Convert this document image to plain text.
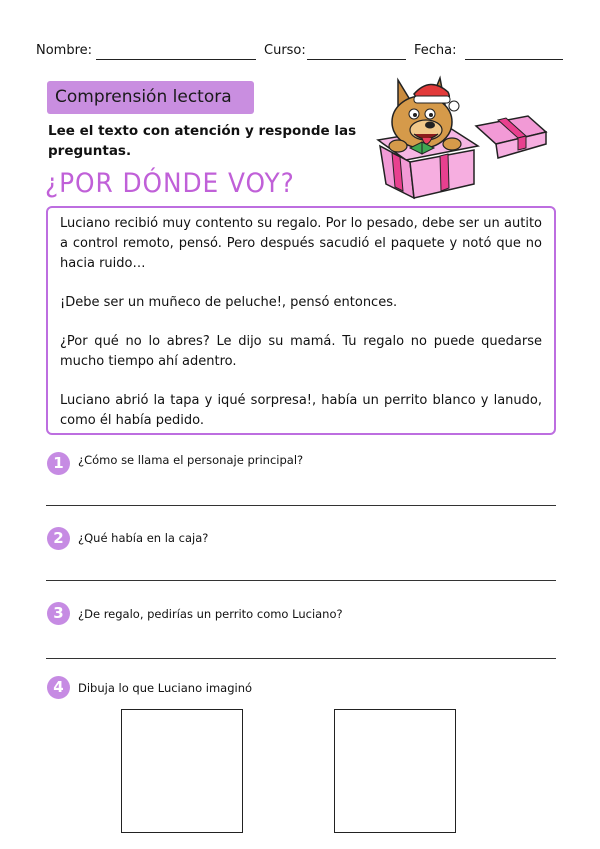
Nombre:	Curso:	Fecha:
Comprensión lectora
Lee el texto con atención y responde las preguntas.
¿POR DÓNDE VOY?

Luciano recibió muy contento su regalo. Por lo pesado, debe ser un autito a control remoto, pensó. Pero después sacudió el paquete y notó que no hacia ruido…

¡Debe ser un muñeco de peluche!, pensó entonces.

¿Por qué no lo abres? Le dijo su mamá. Tu regalo no puede quedarse mucho tiempo ahí adentro.

Luciano abrió la tapa y iqué sorpresa!, había un perrito blanco y lanudo, como él había pedido.

1	¿Cómo se llama el personaje principal?
2	¿Qué había en la caja?
3	¿De regalo, pedirías un perrito como Luciano?
4	Dibuja lo que Luciano imaginó
